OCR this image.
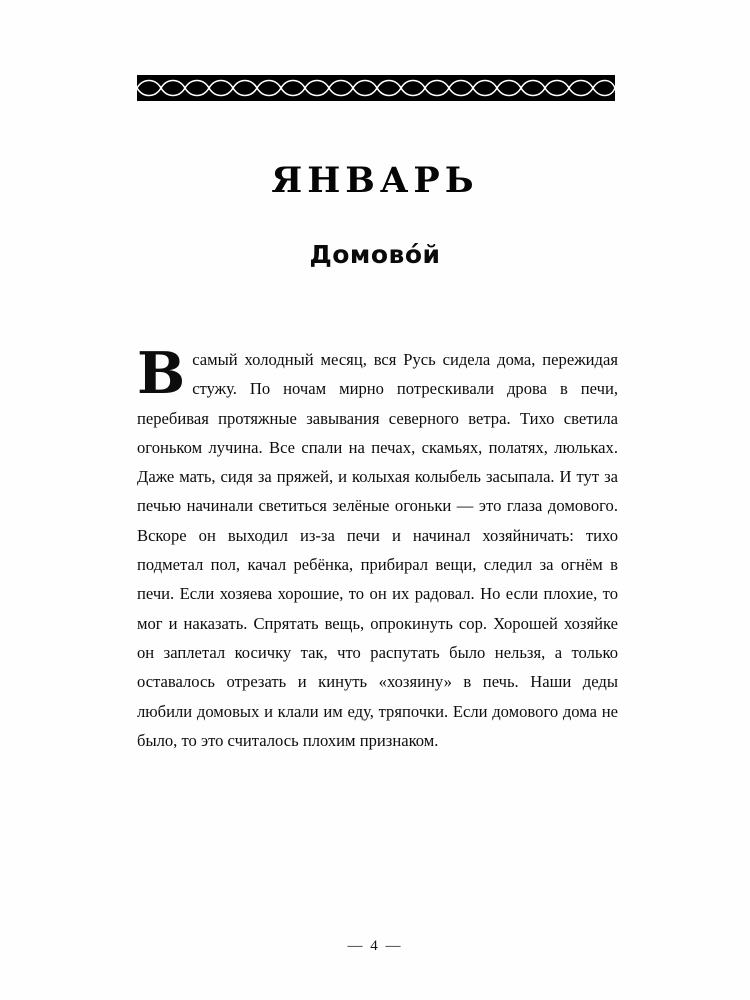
ЯНВАРЬ
Домово́й
В самый холодный месяц, вся Русь сидела дома, пережидая стужу. По ночам мирно потрескивали дрова в печи, перебивая протяжные завывания северного ветра. Тихо светила огоньком лучина. Все спали на печах, скамьях, полатях, люльках. Даже мать, сидя за пряжей, и колыхая колыбель засыпала. И тут за печью начинали светиться зелёные огоньки — это глаза домового. Вскоре он выходил из-за печи и начинал хозяйничать: тихо подметал пол, качал ребёнка, прибирал вещи, следил за огнём в печи. Если хозяева хорошие, то он их радовал. Но если плохие, то мог и наказать. Спрятать вещь, опрокинуть сор. Хорошей хозяйке он заплетал косичку так, что распутать было нельзя, а только оставалось отрезать и кинуть «хозяину» в печь. Наши деды любили домовых и клали им еду, тряпочки. Если домового дома не было, то это считалось плохим признаком.

— 4 —
